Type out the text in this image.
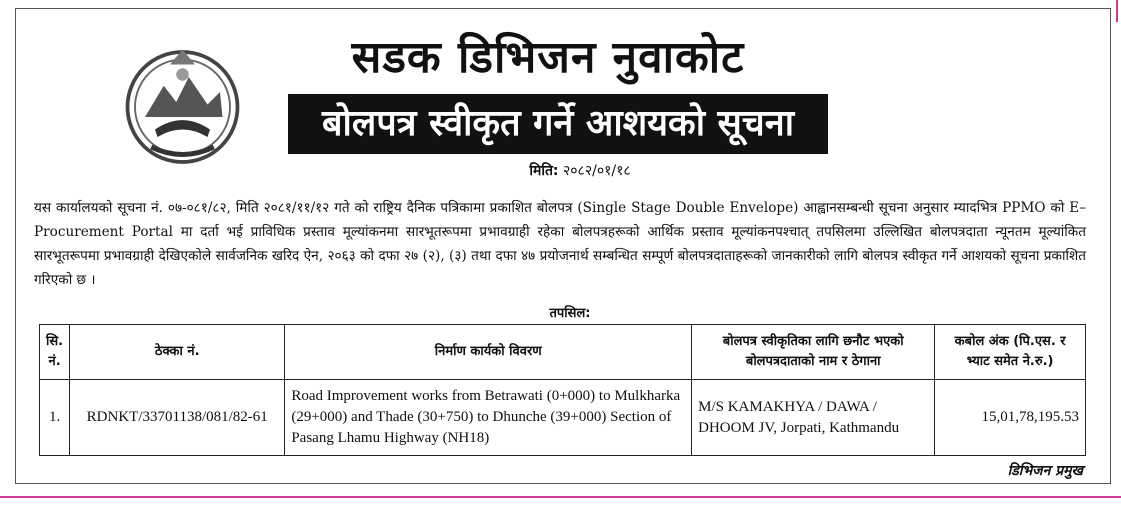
सडक डिभिजन नुवाकोट
बोलपत्र स्वीकृत गर्ने आशयको सूचना
मिति: २०८२/०१/१८
यस कार्यालयको सूचना नं. ०७-०८१/८२, मिति २०८१/११/१२ गते को राष्ट्रिय दैनिक पत्रिकामा प्रकाशित बोलपत्र (Single Stage Double Envelope) आह्वानसम्बन्धी सूचना अनुसार म्यादभित्र PPMO को E–Procurement Portal मा दर्ता भई प्राविधिक प्रस्ताव मूल्यांकनमा सारभूतरूपमा प्रभावग्राही रहेका बोलपत्रहरूको आर्थिक प्रस्ताव मूल्यांकनपश्चात् तपसिलमा उल्लिखित बोलपत्रदाता न्यूनतम मूल्यांकित सारभूतरूपमा प्रभावग्राही देखिएकोले सार्वजनिक खरिद ऐन, २०६३ को दफा २७ (२), (३) तथा दफा ४७ प्रयोजनार्थ सम्बन्धित सम्पूर्ण बोलपत्रदाताहरूको जानकारीको लागि बोलपत्र स्वीकृत गर्ने आशयको सूचना प्रकाशित गरिएको छ ।
तपसिल:
सि. नं.	ठेक्का नं.	निर्माण कार्यको विवरण	बोलपत्र स्वीकृतिका लागि छनौट भएको बोलपत्रदाताको नाम र ठेगाना	कबोल अंक (पि.एस. र भ्याट समेत ने.रु.)
1.	RDNKT/33701138/081/82-61	Road Improvement works from Betrawati (0+000) to Mulkharka (29+000) and Thade (30+750) to Dhunche (39+000) Section of Pasang Lhamu Highway (NH18)	M/S KAMAKHYA / DAWA / DHOOM JV, Jorpati, Kathmandu	15,01,78,195.53
डिभिजन प्रमुख
